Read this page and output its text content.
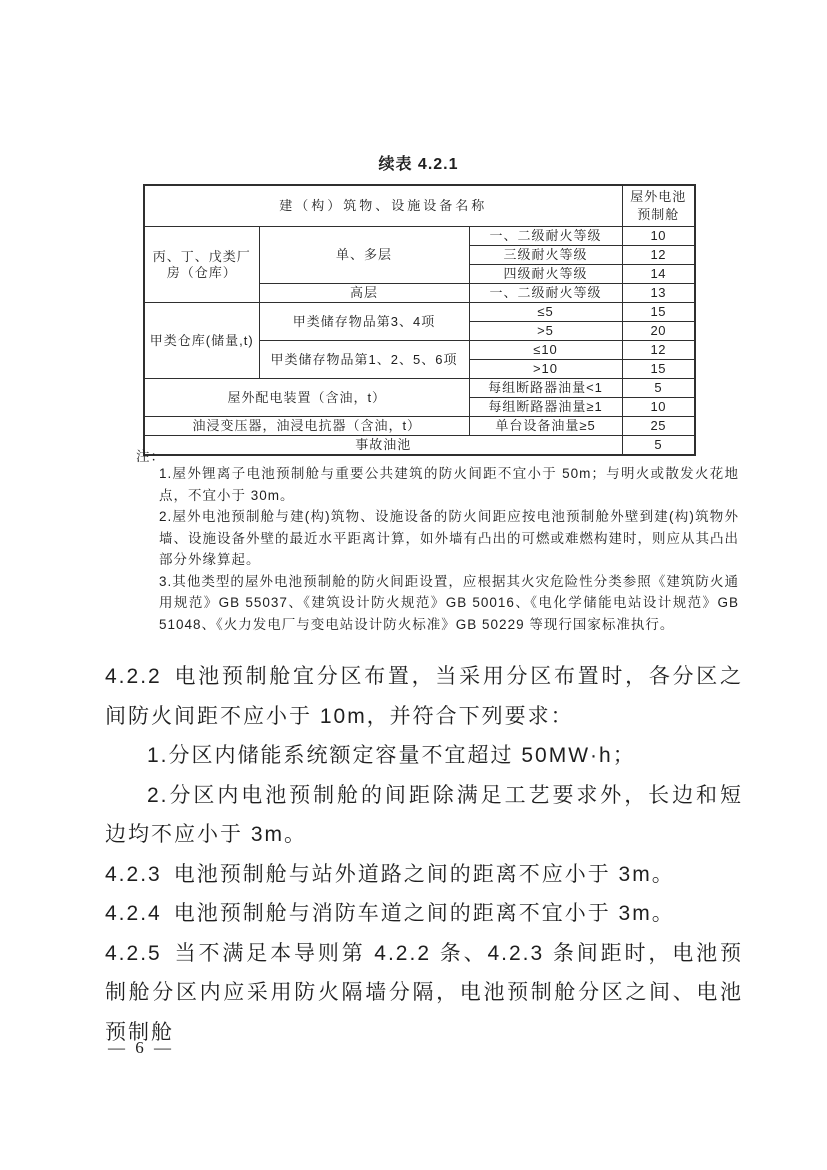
续表 4.2.1
建（构）筑物、设施设备名称			屋外电池预制舱
丙、丁、戊类厂房（仓库）	单、多层	一、二级耐火等级	10
		三级耐火等级	12
		四级耐火等级	14
	高层	一、二级耐火等级	13
甲类仓库(储量,t)	甲类储存物品第3、4项	≤5	15
		>5	20
	甲类储存物品第1、2、5、6项	≤10	12
		>10	15
屋外配电装置（含油，t）		每组断路器油量<1	5
		每组断路器油量≥1	10
油浸变压器，油浸电抗器（含油，t）		单台设备油量≥5	25
事故油池			5
注：

1.屋外锂离子电池预制舱与重要公共建筑的防火间距不宜小于 50m；与明火或散发火花地点，不宜小于 30m。

2.屋外电池预制舱与建(构)筑物、设施设备的防火间距应按电池预制舱外壁到建(构)筑物外墙、设施设备外壁的最近水平距离计算，如外墙有凸出的可燃或难燃构建时，则应从其凸出部分外缘算起。

3.其他类型的屋外电池预制舱的防火间距设置，应根据其火灾危险性分类参照《建筑防火通用规范》GB 55037、《建筑设计防火规范》GB 50016、《电化学储能电站设计规范》GB 51048、《火力发电厂与变电站设计防火标准》GB 50229 等现行国家标准执行。

4.2.2 电池预制舱宜分区布置，当采用分区布置时，各分区之间防火间距不应小于 10m，并符合下列要求：

1.分区内储能系统额定容量不宜超过 50MW·h；

2.分区内电池预制舱的间距除满足工艺要求外，长边和短边均不应小于 3m。

4.2.3 电池预制舱与站外道路之间的距离不应小于 3m。

4.2.4 电池预制舱与消防车道之间的距离不宜小于 3m。

4.2.5 当不满足本导则第 4.2.2 条、4.2.3 条间距时，电池预制舱分区内应采用防火隔墙分隔，电池预制舱分区之间、电池预制舱

— 6 —
